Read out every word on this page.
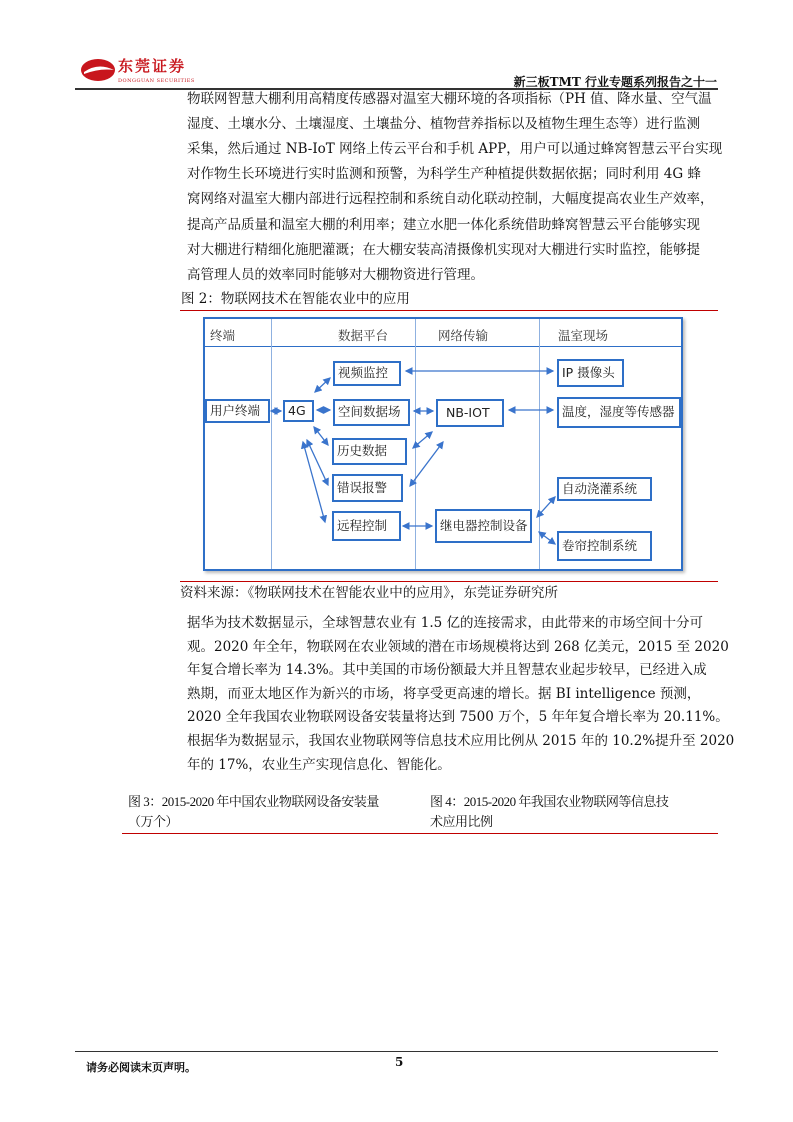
东莞证券
DONGGUAN SECURITIES	新三板TMT 行业专题系列报告之十一
物联网智慧大棚利用高精度传感器对温室大棚环境的各项指标（PH 值、降水量、空气温
湿度、土壤水分、土壤湿度、土壤盐分、植物营养指标以及植物生理生态等）进行监测
采集，然后通过 NB-IoT 网络上传云平台和手机 APP，用户可以通过蜂窝智慧云平台实现
对作物生长环境进行实时监测和预警，为科学生产种植提供数据依据；同时利用 4G 蜂
窝网络对温室大棚内部进行远程控制和系统自动化联动控制，大幅度提高农业生产效率，
提高产品质量和温室大棚的利用率；建立水肥一体化系统借助蜂窝智慧云平台能够实现
对大棚进行精细化施肥灌溉；在大棚安装高清摄像机实现对大棚进行实时监控，能够提
高管理人员的效率同时能够对大棚物资进行管理。
图 2：物联网技术在智能农业中的应用
终端	数据平台	网络传输	温室现场
用户终端	4G
视频监控
空间数据场
历史数据
错误报警
远程控制
NB-IOT
继电器控制设备
IP 摄像头
温度，湿度等传感器
自动浇灌系统
卷帘控制系统
资料来源：《物联网技术在智能农业中的应用》，东莞证券研究所
据华为技术数据显示，全球智慧农业有 1.5 亿的连接需求，由此带来的市场空间十分可
观。2020 年全年，物联网在农业领域的潜在市场规模将达到 268 亿美元，2015 至 2020
年复合增长率为 14.3%。其中美国的市场份额最大并且智慧农业起步较早，已经进入成
熟期，而亚太地区作为新兴的市场，将享受更高速的增长。据 BI intelligence 预测，
2020 全年我国农业物联网设备安装量将达到 7500 万个，5 年年复合增长率为 20.11%。
根据华为数据显示，我国农业物联网等信息技术应用比例从 2015 年的 10.2%提升至 2020
年的 17%，农业生产实现信息化、智能化。
图 3：2015-2020 年中国农业物联网设备安装量
（万个）
图 4：2015-2020 年我国农业物联网等信息技
术应用比例
请务必阅读末页声明。	5
